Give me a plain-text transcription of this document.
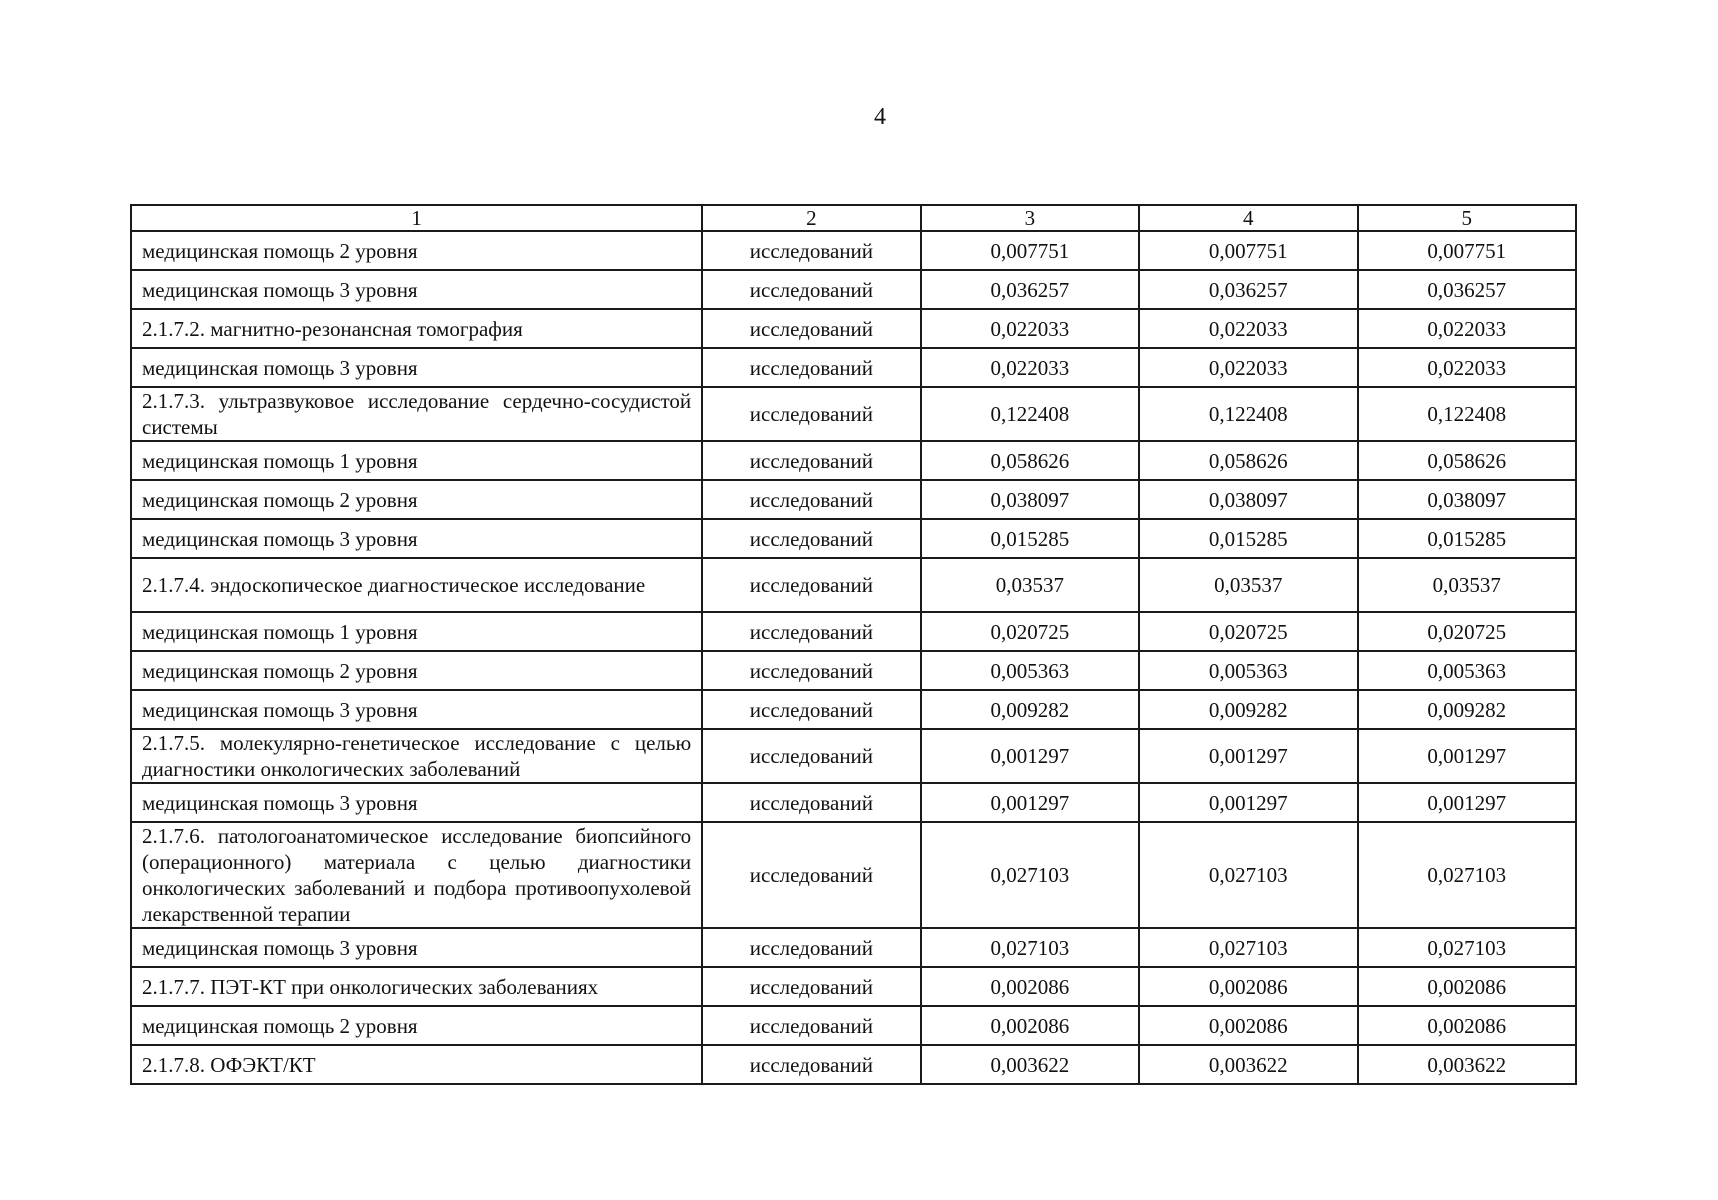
4
1	2	3	4	5
медицинская помощь 2 уровня	исследований	0,007751	0,007751	0,007751
медицинская помощь 3 уровня	исследований	0,036257	0,036257	0,036257
2.1.7.2. магнитно-резонансная томография	исследований	0,022033	0,022033	0,022033
медицинская помощь 3 уровня	исследований	0,022033	0,022033	0,022033
2.1.7.3. ультразвуковое исследование сердечно-сосудистой системы	исследований	0,122408	0,122408	0,122408
медицинская помощь 1 уровня	исследований	0,058626	0,058626	0,058626
медицинская помощь 2 уровня	исследований	0,038097	0,038097	0,038097
медицинская помощь 3 уровня	исследований	0,015285	0,015285	0,015285
2.1.7.4. эндоскопическое диагностическое исследование	исследований	0,03537	0,03537	0,03537
медицинская помощь 1 уровня	исследований	0,020725	0,020725	0,020725
медицинская помощь 2 уровня	исследований	0,005363	0,005363	0,005363
медицинская помощь 3 уровня	исследований	0,009282	0,009282	0,009282
2.1.7.5. молекулярно-генетическое исследование с целью диагностики онкологических заболеваний	исследований	0,001297	0,001297	0,001297
медицинская помощь 3 уровня	исследований	0,001297	0,001297	0,001297
2.1.7.6. патологоанатомическое исследование биопсийного (операционного) материала с целью диагностики онкологических заболеваний и подбора противоопухолевой лекарственной терапии	исследований	0,027103	0,027103	0,027103
медицинская помощь 3 уровня	исследований	0,027103	0,027103	0,027103
2.1.7.7. ПЭТ-КТ при онкологических заболеваниях	исследований	0,002086	0,002086	0,002086
медицинская помощь 2 уровня	исследований	0,002086	0,002086	0,002086
2.1.7.8. ОФЭКТ/КТ	исследований	0,003622	0,003622	0,003622
